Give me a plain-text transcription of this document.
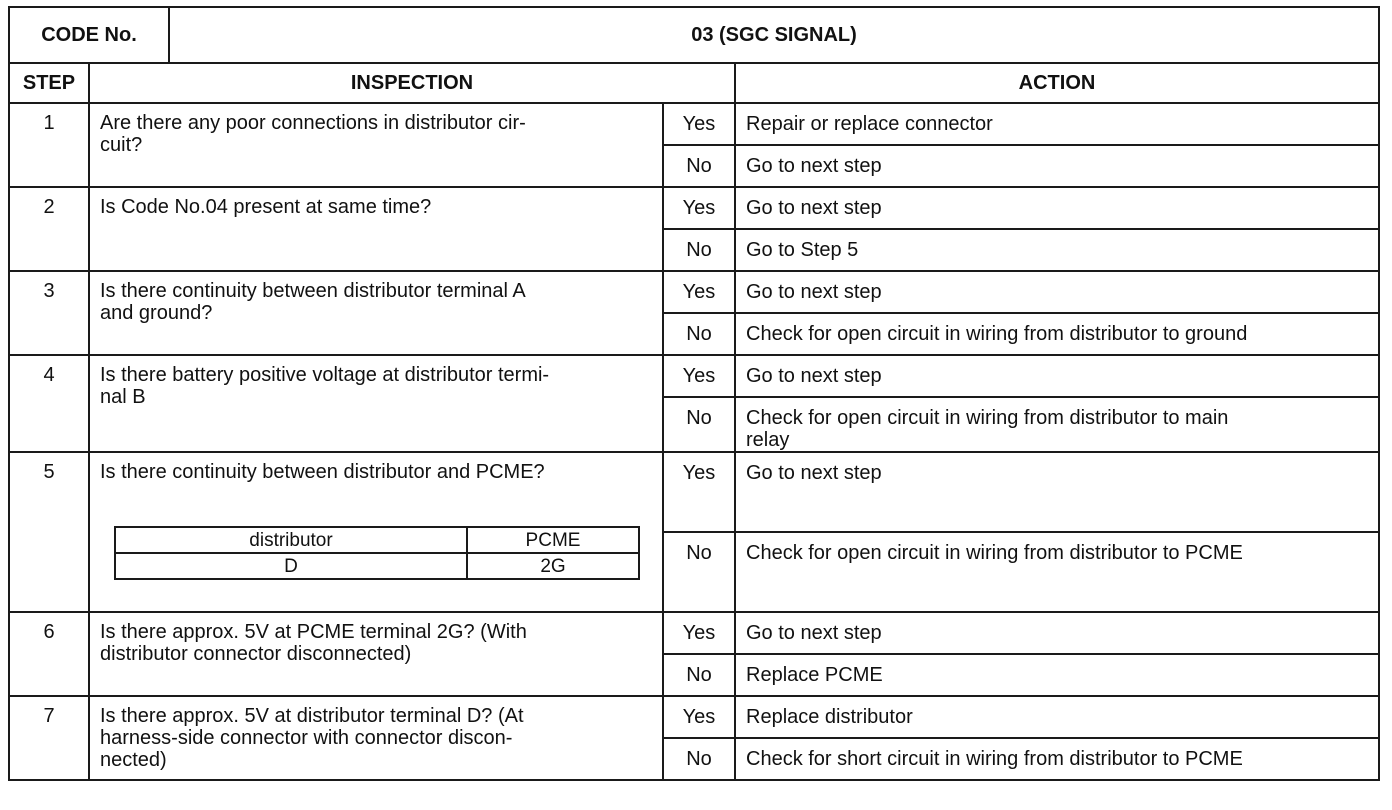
CODE No.	03 (SGC SIGNAL)
STEP	INSPECTION	ACTION
1	Are there any poor connections in distributor cir-
cuit?
	Yes	Repair or replace connector
No	Go to next step
2	Is Code No.04 present at same time?	Yes	Go to next step
No	Go to Step 5
3	Is there continuity between distributor terminal A
and ground?
	Yes	Go to next step
No	Check for open circuit in wiring from distributor to ground
4	Is there battery positive voltage at distributor termi-
nal B
	Yes	Go to next step
No	Check for open circuit in wiring from distributor to main
relay
5	Is there continuity between distributor and PCME?
distributor	PCME
D	2G
	Yes	Go to next step
No	Check for open circuit in wiring from distributor to PCME
6	Is there approx. 5V at PCME terminal 2G? (With
distributor connector disconnected)
	Yes	Go to next step
No	Replace PCME
7	Is there approx. 5V at distributor terminal D? (At
harness-side connector with connector discon-
nected)
	Yes	Replace distributor
No	Check for short circuit in wiring from distributor to PCME
